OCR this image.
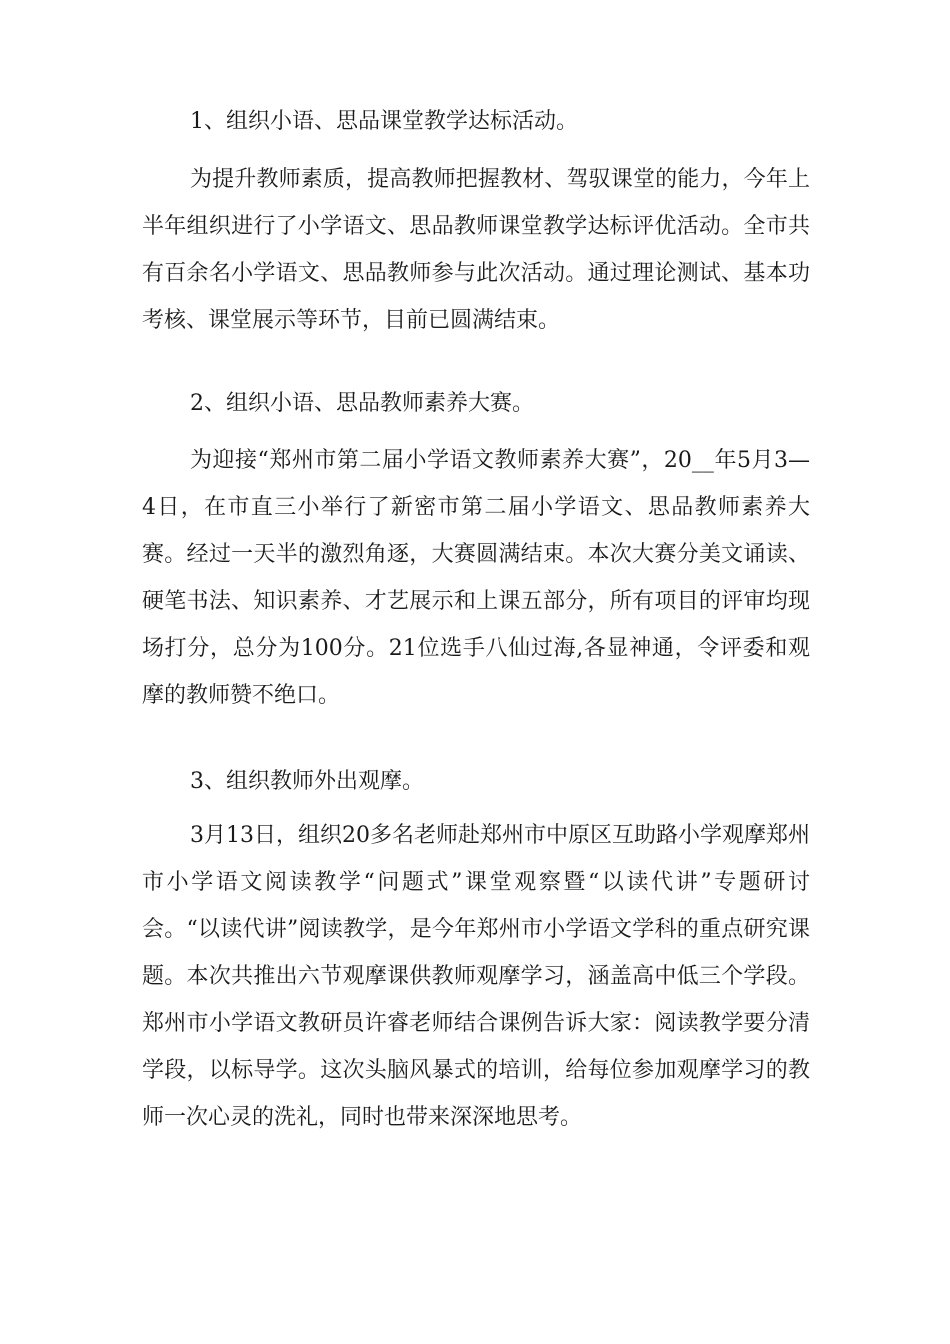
1、组织小语、思品课堂教学达标活动。

为提升教师素质，提高教师把握教材、驾驭课堂的能力，今年上半年组织进行了小学语文、思品教师课堂教学达标评优活动。全市共有百余名小学语文、思品教师参与此次活动。通过理论测试、基本功考核、课堂展示等环节，目前已圆满结束。

2、组织小语、思品教师素养大赛。

为迎接“郑州市第二届小学语文教师素养大赛”，20__年5月3—4日，在市直三小举行了新密市第二届小学语文、思品教师素养大赛。经过一天半的激烈角逐，大赛圆满结束。本次大赛分美文诵读、硬笔书法、知识素养、才艺展示和上课五部分，所有项目的评审均现场打分，总分为100分。21位选手八仙过海,各显神通，令评委和观摩的教师赞不绝口。

3、组织教师外出观摩。

3月13日，组织20多名老师赴郑州市中原区互助路小学观摩郑州市小学语文阅读教学“问题式”课堂观察暨“以读代讲”专题研讨会。“以读代讲”阅读教学，是今年郑州市小学语文学科的重点研究课题。本次共推出六节观摩课供教师观摩学习，涵盖高中低三个学段。郑州市小学语文教研员许睿老师结合课例告诉大家：阅读教学要分清学段，以标导学。这次头脑风暴式的培训，给每位参加观摩学习的教师一次心灵的洗礼，同时也带来深深地思考。
